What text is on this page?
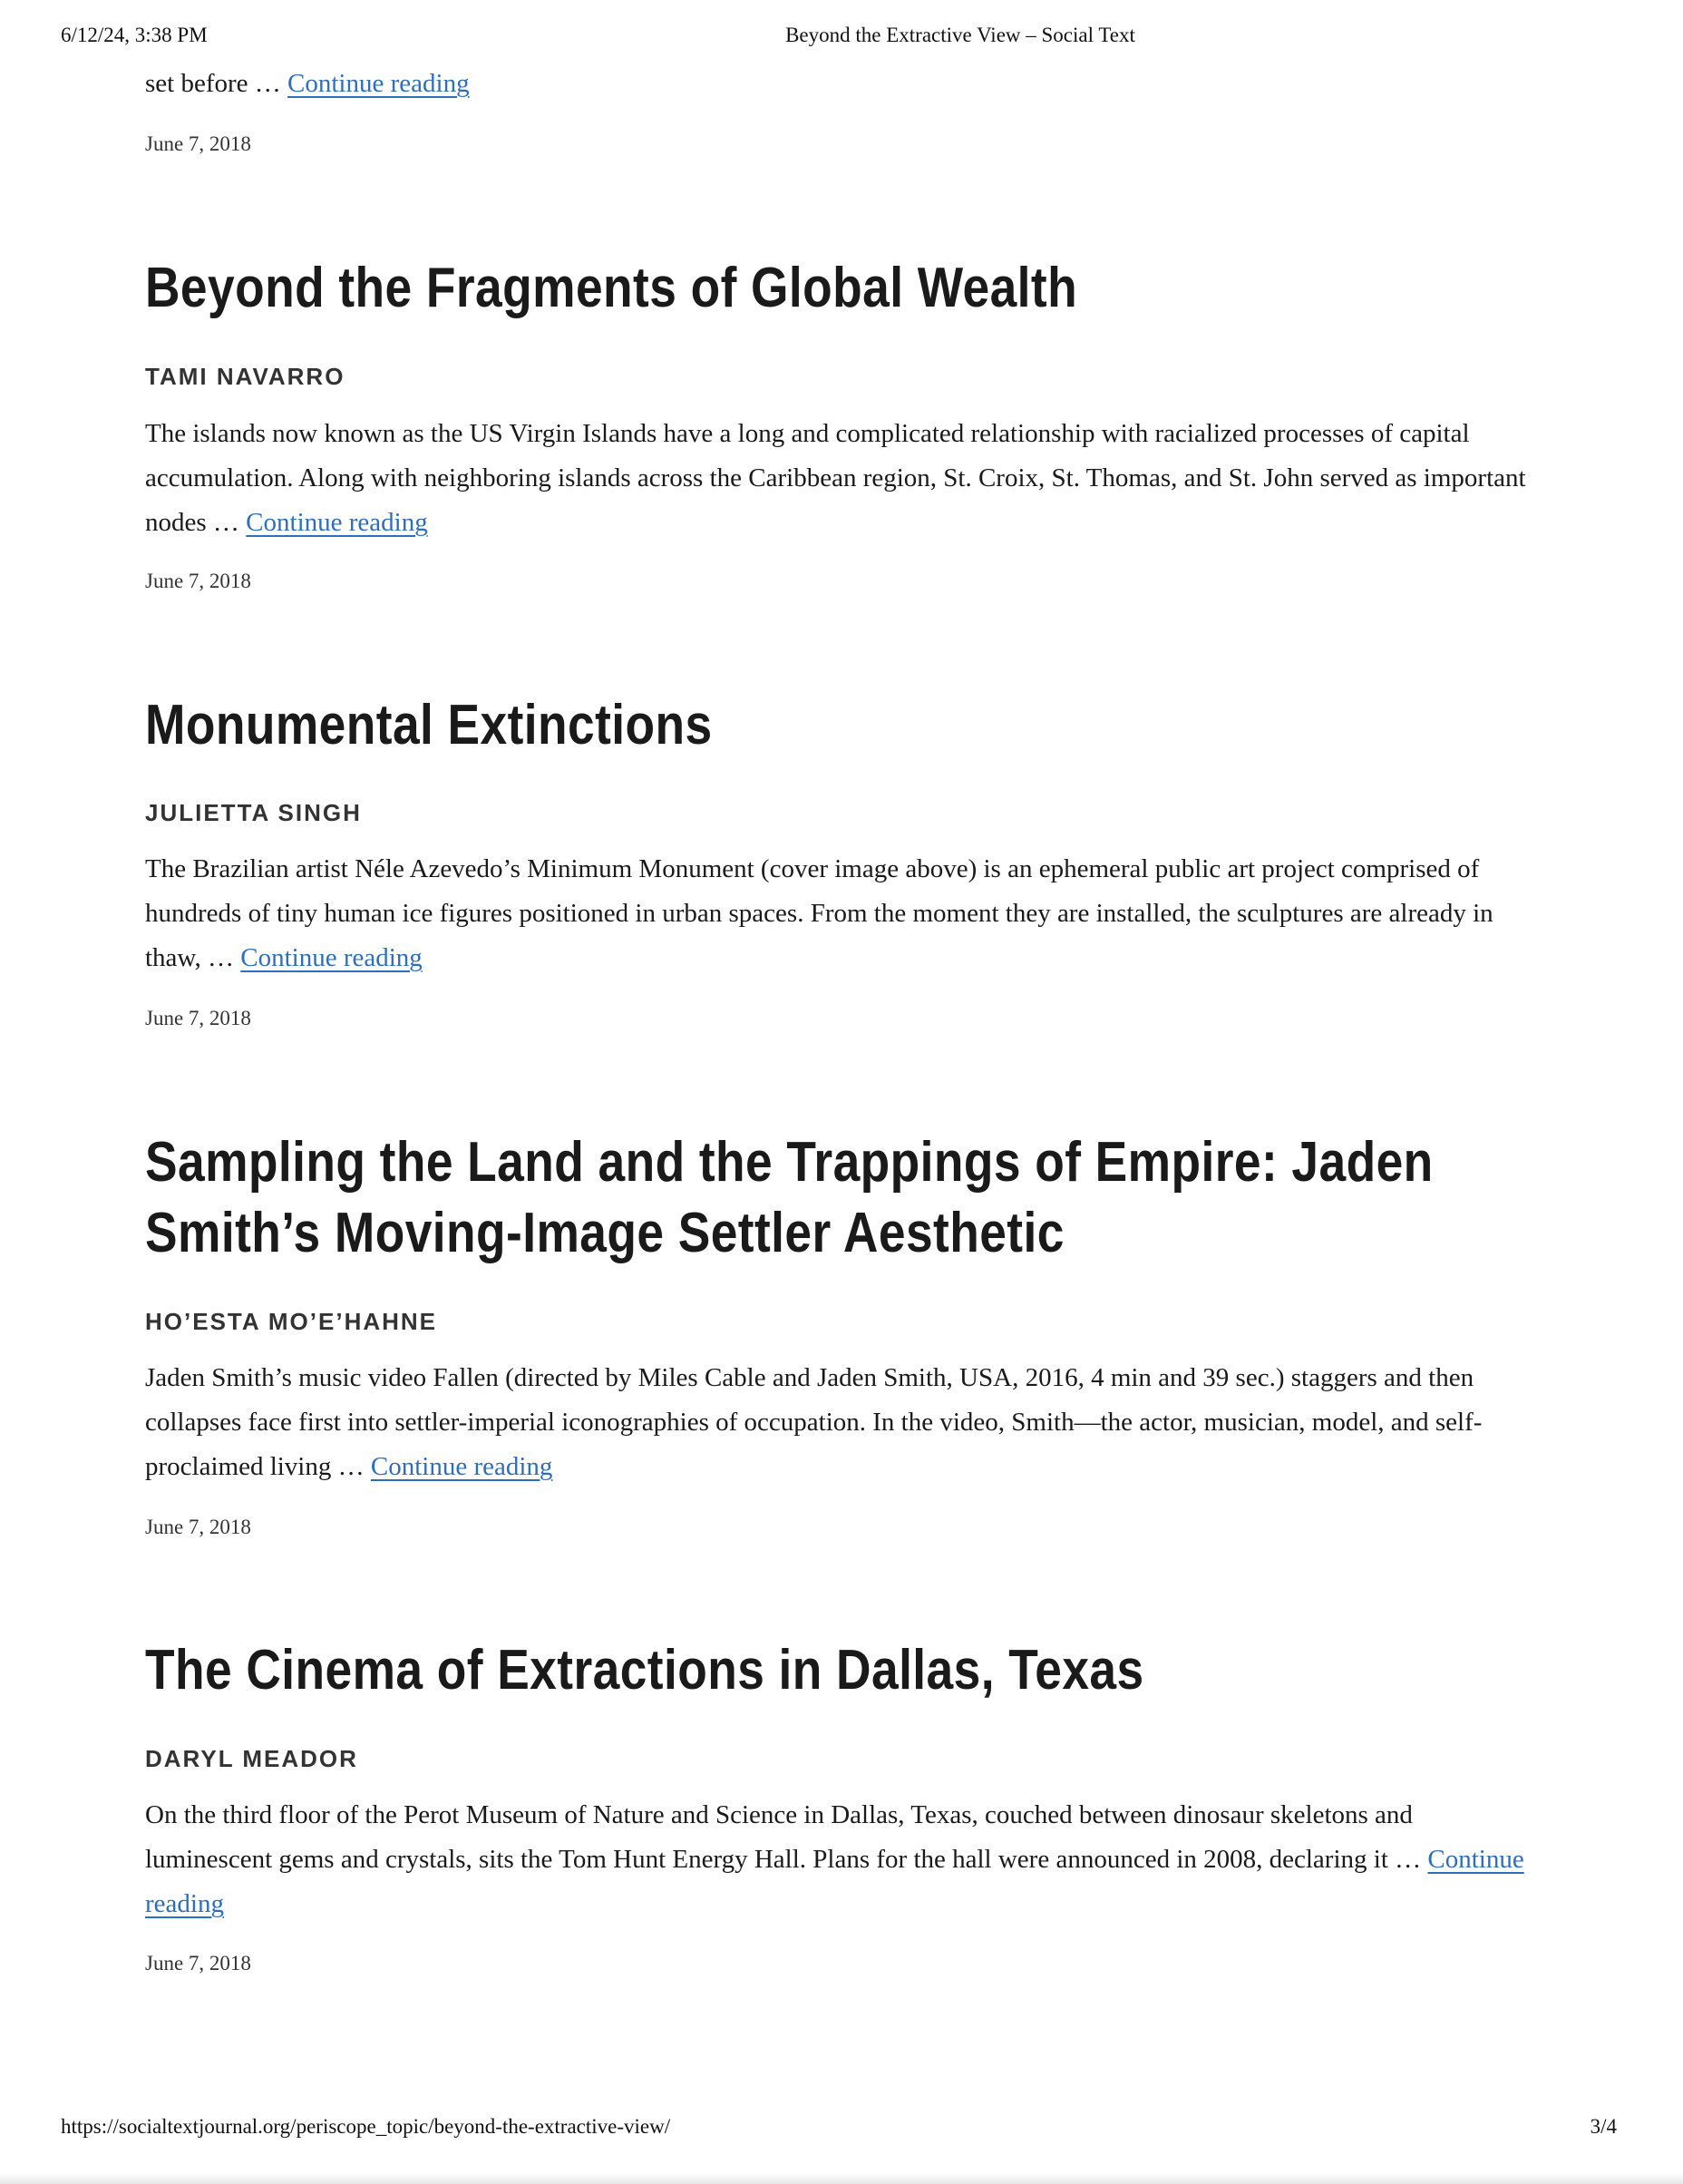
6/12/24, 3:38 PM	Beyond the Extractive View – Social Text

set before … Continue reading

June 7, 2018
Beyond the Fragments of Global Wealth
TAMI NAVARRO

The islands now known as the US Virgin Islands have a long and complicated relationship with racialized processes of capital accumulation. Along with neighboring islands across the Caribbean region, St. Croix, St. Thomas, and St. John served as important nodes … Continue reading

June 7, 2018
Monumental Extinctions
JULIETTA SINGH

The Brazilian artist Néle Azevedo’s Minimum Monument (cover image above) is an ephemeral public art project comprised of hundreds of tiny human ice figures positioned in urban spaces. From the moment they are installed, the sculptures are already in thaw, … Continue reading

June 7, 2018
Sampling the Land and the Trappings of Empire: Jaden Smith’s Moving-Image Settler Aesthetic
HO’ESTA MO’E’HAHNE

Jaden Smith’s music video Fallen (directed by Miles Cable and Jaden Smith, USA, 2016, 4 min and 39 sec.) staggers and then collapses face first into settler-imperial iconographies of occupation. In the video, Smith—the actor, musician, model, and self-proclaimed living … Continue reading

June 7, 2018
The Cinema of Extractions in Dallas, Texas
DARYL MEADOR

On the third floor of the Perot Museum of Nature and Science in Dallas, Texas, couched between dinosaur skeletons and luminescent gems and crystals, sits the Tom Hunt Energy Hall. Plans for the hall were announced in 2008, declaring it … Continue reading

June 7, 2018
https://socialtextjournal.org/periscope_topic/beyond-the-extractive-view/	3/4
